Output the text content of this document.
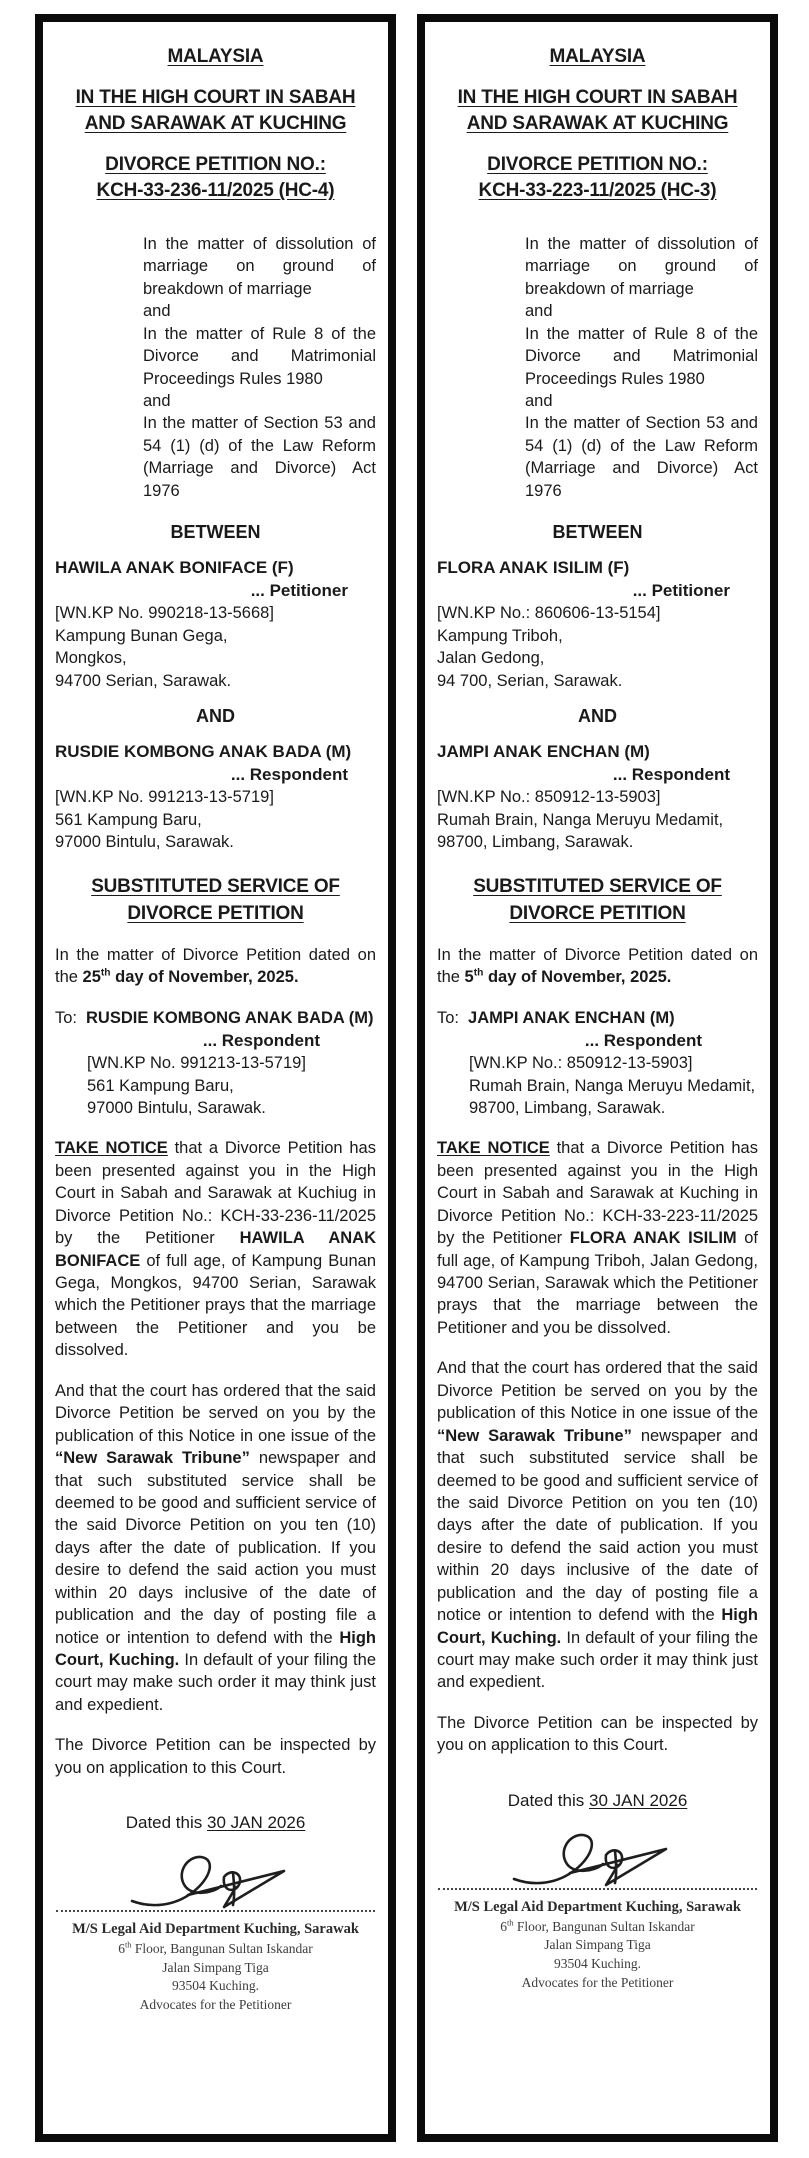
MALAYSIA
IN THE HIGH COURT IN SABAH
AND SARAWAK AT KUCHING
DIVORCE PETITION NO.:
KCH-33-236-11/2025 (HC-4)
In the matter of dissolution of marriage on ground of breakdown of marriage
and
In the matter of Rule 8 of the Divorce and Matrimonial Proceedings Rules 1980
and
In the matter of Section 53 and 54 (1) (d) of the Law Reform (Marriage and Divorce) Act 1976
BETWEEN
HAWILA ANAK BONIFACE (F)
... Petitioner
[WN.KP No. 990218-13-5668]
Kampung Bunan Gega,
Mongkos,
94700 Serian, Sarawak.
AND
RUSDIE KOMBONG ANAK BADA (M)
... Respondent
[WN.KP No. 991213-13-5719]
561 Kampung Baru,
97000 Bintulu, Sarawak.
SUBSTITUTED SERVICE OF
DIVORCE PETITION
In the matter of Divorce Petition dated on the 25th day of November, 2025.
To: RUSDIE KOMBONG ANAK BADA (M)
... Respondent
[WN.KP No. 991213-13-5719]
561 Kampung Baru,
97000 Bintulu, Sarawak.
TAKE NOTICE that a Divorce Petition has been presented against you in the High Court in Sabah and Sarawak at Kuchiug in Divorce Petition No.: KCH-33-236-11/2025 by the Petitioner HAWILA ANAK BONIFACE of full age, of Kampung Bunan Gega, Mongkos, 94700 Serian, Sarawak which the Petitioner prays that the marriage between the Petitioner and you be dissolved.
And that the court has ordered that the said Divorce Petition be served on you by the publication of this Notice in one issue of the “New Sarawak Tribune” newspaper and that such substituted service shall be deemed to be good and sufficient service of the said Divorce Petition on you ten (10) days after the date of publication. If you desire to defend the said action you must within 20 days inclusive of the date of publication and the day of posting file a notice or intention to defend with the High Court, Kuching. In default of your filing the court may make such order it may think just and expedient.
The Divorce Petition can be inspected by you on application to this Court.
Dated this 30 JAN 2026
M/S Legal Aid Department Kuching, Sarawak
6th Floor, Bangunan Sultan Iskandar
Jalan Simpang Tiga
93504 Kuching.
Advocates for the Petitioner
MALAYSIA
IN THE HIGH COURT IN SABAH
AND SARAWAK AT KUCHING
DIVORCE PETITION NO.:
KCH-33-223-11/2025 (HC-3)
In the matter of dissolution of marriage on ground of breakdown of marriage
and
In the matter of Rule 8 of the Divorce and Matrimonial Proceedings Rules 1980
and
In the matter of Section 53 and 54 (1) (d) of the Law Reform (Marriage and Divorce) Act 1976
BETWEEN
FLORA ANAK ISILIM (F)
... Petitioner
[WN.KP No.: 860606-13-5154]
Kampung Triboh,
Jalan Gedong,
94 700, Serian, Sarawak.
AND
JAMPI ANAK ENCHAN (M)
... Respondent
[WN.KP No.: 850912-13-5903]
Rumah Brain, Nanga Meruyu Medamit,
98700, Limbang, Sarawak.
SUBSTITUTED SERVICE OF
DIVORCE PETITION
In the matter of Divorce Petition dated on the 5th day of November, 2025.
To: JAMPI ANAK ENCHAN (M)
... Respondent
[WN.KP No.: 850912-13-5903]
Rumah Brain, Nanga Meruyu Medamit,
98700, Limbang, Sarawak.
TAKE NOTICE that a Divorce Petition has been presented against you in the High Court in Sabah and Sarawak at Kuching in Divorce Petition No.: KCH-33-223-11/2025 by the Petitioner FLORA ANAK ISILIM of full age, of Kampung Triboh, Jalan Gedong, 94700 Serian, Sarawak which the Petitioner prays that the marriage between the Petitioner and you be dissolved.
And that the court has ordered that the said Divorce Petition be served on you by the publication of this Notice in one issue of the “New Sarawak Tribune” newspaper and that such substituted service shall be deemed to be good and sufficient service of the said Divorce Petition on you ten (10) days after the date of publication. If you desire to defend the said action you must within 20 days inclusive of the date of publication and the day of posting file a notice or intention to defend with the High Court, Kuching. In default of your filing the court may make such order it may think just and expedient.
The Divorce Petition can be inspected by you on application to this Court.
Dated this 30 JAN 2026
M/S Legal Aid Department Kuching, Sarawak
6th Floor, Bangunan Sultan Iskandar
Jalan Simpang Tiga
93504 Kuching.
Advocates for the Petitioner
